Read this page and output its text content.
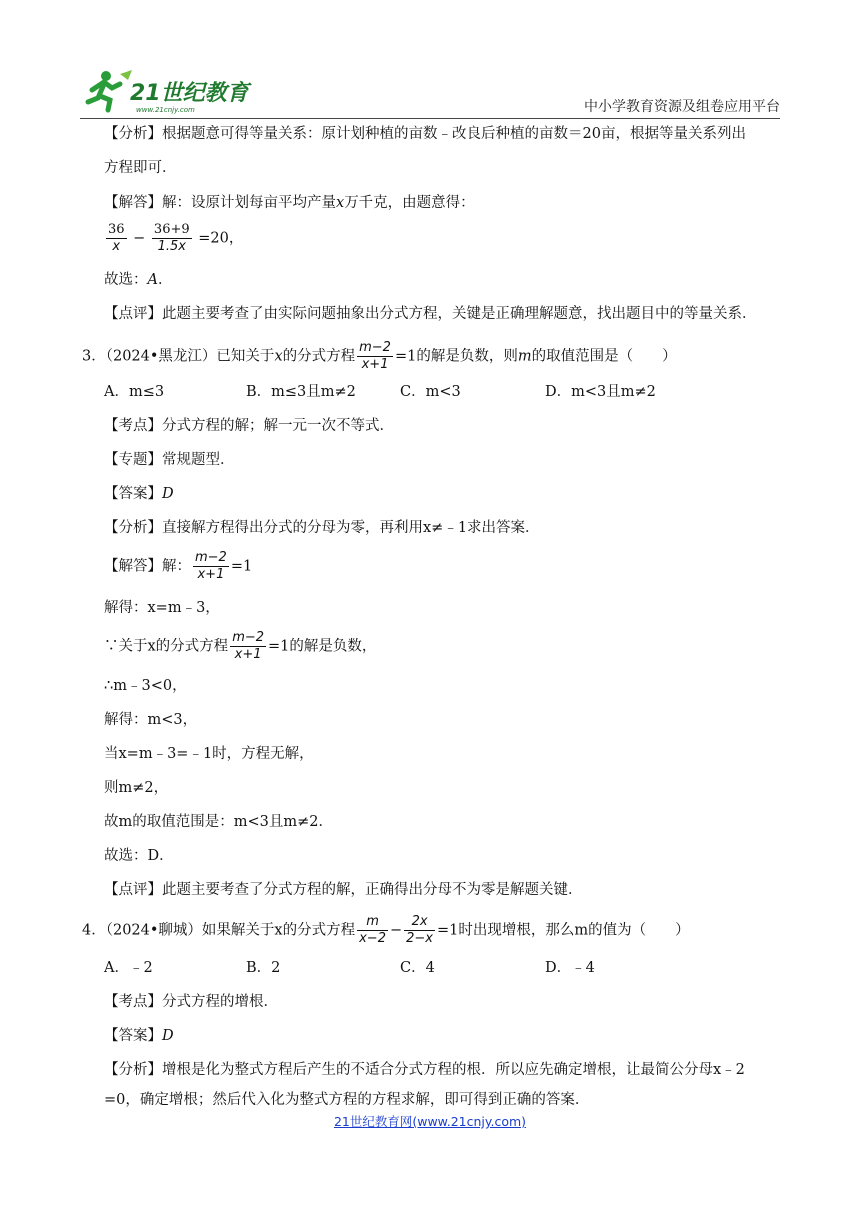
21世纪教育
www.21cnjy.com	中小学教育资源及组卷应用平台
【分析】根据题意可得等量关系：原计划种植的亩数﹣改良后种植的亩数＝20亩，根据等量关系列出
方程即可．
【解答】解：设原计划每亩平均产量x万千克，由题意得：
$\frac{36}{x} - \frac{36+9}{1.5x} =20$，
故选：A．
【点评】此题主要考查了由实际问题抽象出分式方程，关键是正确理解题意，找出题目中的等量关系．
3．（2024•黑龙江）已知关于x的分式方程 $\frac{m-2}{x+1} =1$的解是负数，则m的取值范围是（　　）
A．m≤3	B．m≤3且m≠2	C．m<3	D．m<3且m≠2
【考点】分式方程的解；解一元一次不等式．
【专题】常规题型．
【答案】D
【分析】直接解方程得出分式的分母为零，再利用x≠﹣1求出答案．
【解答】解： $\frac{m-2}{x+1} =1$
解得：x=m﹣3，
∵关于x的分式方程 $\frac{m-2}{x+1} =1$的解是负数，
∴m﹣3<0，
解得：m<3，
当x=m﹣3=﹣1时，方程无解，
则m≠2，
故m的取值范围是：m<3且m≠2．
故选：D．
【点评】此题主要考查了分式方程的解，正确得出分母不为零是解题关键．
4．（2024•聊城）如果解关于x的分式方程 $\frac{m}{x-2} - \frac{2x}{2-x} =1$时出现增根，那么m的值为（　　）
A．﹣2	B．2	C．4	D．﹣4
【考点】分式方程的增根．
【答案】D
【分析】增根是化为整式方程后产生的不适合分式方程的根．所以应先确定增根，让最简公分母x﹣2
=0，确定增根；然后代入化为整式方程的方程求解，即可得到正确的答案．
21世纪教育网(www.21cnjy.com)
